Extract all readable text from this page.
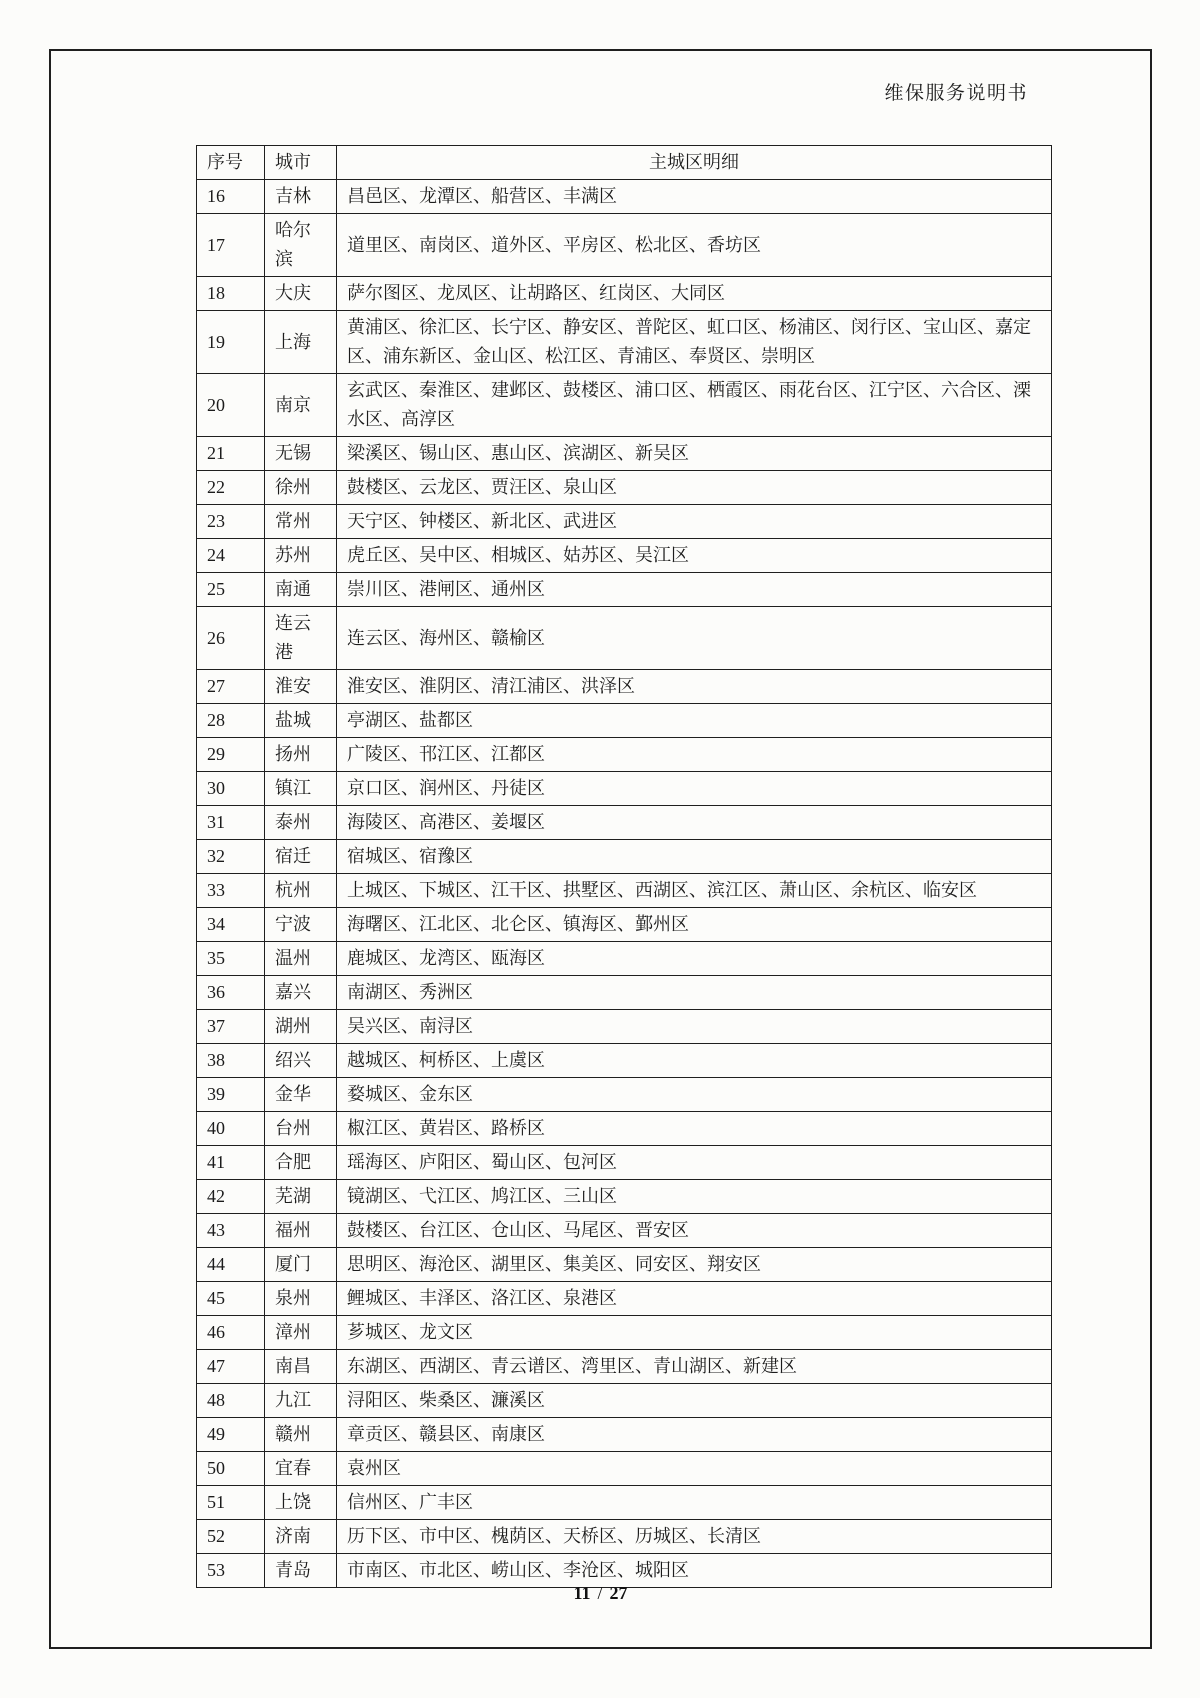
维保服务说明书
序号	城市	主城区明细
16	吉林	昌邑区、龙潭区、船营区、丰满区
17	哈尔滨	道里区、南岗区、道外区、平房区、松北区、香坊区
18	大庆	萨尔图区、龙凤区、让胡路区、红岗区、大同区
19	上海	黄浦区、徐汇区、长宁区、静安区、普陀区、虹口区、杨浦区、闵行区、宝山区、嘉定区、浦东新区、金山区、松江区、青浦区、奉贤区、崇明区
20	南京	玄武区、秦淮区、建邺区、鼓楼区、浦口区、栖霞区、雨花台区、江宁区、六合区、溧水区、高淳区
21	无锡	梁溪区、锡山区、惠山区、滨湖区、新吴区
22	徐州	鼓楼区、云龙区、贾汪区、泉山区
23	常州	天宁区、钟楼区、新北区、武进区
24	苏州	虎丘区、吴中区、相城区、姑苏区、吴江区
25	南通	崇川区、港闸区、通州区
26	连云港	连云区、海州区、赣榆区
27	淮安	淮安区、淮阴区、清江浦区、洪泽区
28	盐城	亭湖区、盐都区
29	扬州	广陵区、邗江区、江都区
30	镇江	京口区、润州区、丹徒区
31	泰州	海陵区、高港区、姜堰区
32	宿迁	宿城区、宿豫区
33	杭州	上城区、下城区、江干区、拱墅区、西湖区、滨江区、萧山区、余杭区、临安区
34	宁波	海曙区、江北区、北仑区、镇海区、鄞州区
35	温州	鹿城区、龙湾区、瓯海区
36	嘉兴	南湖区、秀洲区
37	湖州	吴兴区、南浔区
38	绍兴	越城区、柯桥区、上虞区
39	金华	婺城区、金东区
40	台州	椒江区、黄岩区、路桥区
41	合肥	瑶海区、庐阳区、蜀山区、包河区
42	芜湖	镜湖区、弋江区、鸠江区、三山区
43	福州	鼓楼区、台江区、仓山区、马尾区、晋安区
44	厦门	思明区、海沧区、湖里区、集美区、同安区、翔安区
45	泉州	鲤城区、丰泽区、洛江区、泉港区
46	漳州	芗城区、龙文区
47	南昌	东湖区、西湖区、青云谱区、湾里区、青山湖区、新建区
48	九江	浔阳区、柴桑区、濂溪区
49	赣州	章贡区、赣县区、南康区
50	宜春	袁州区
51	上饶	信州区、广丰区
52	济南	历下区、市中区、槐荫区、天桥区、历城区、长清区
53	青岛	市南区、市北区、崂山区、李沧区、城阳区
11 / 27
